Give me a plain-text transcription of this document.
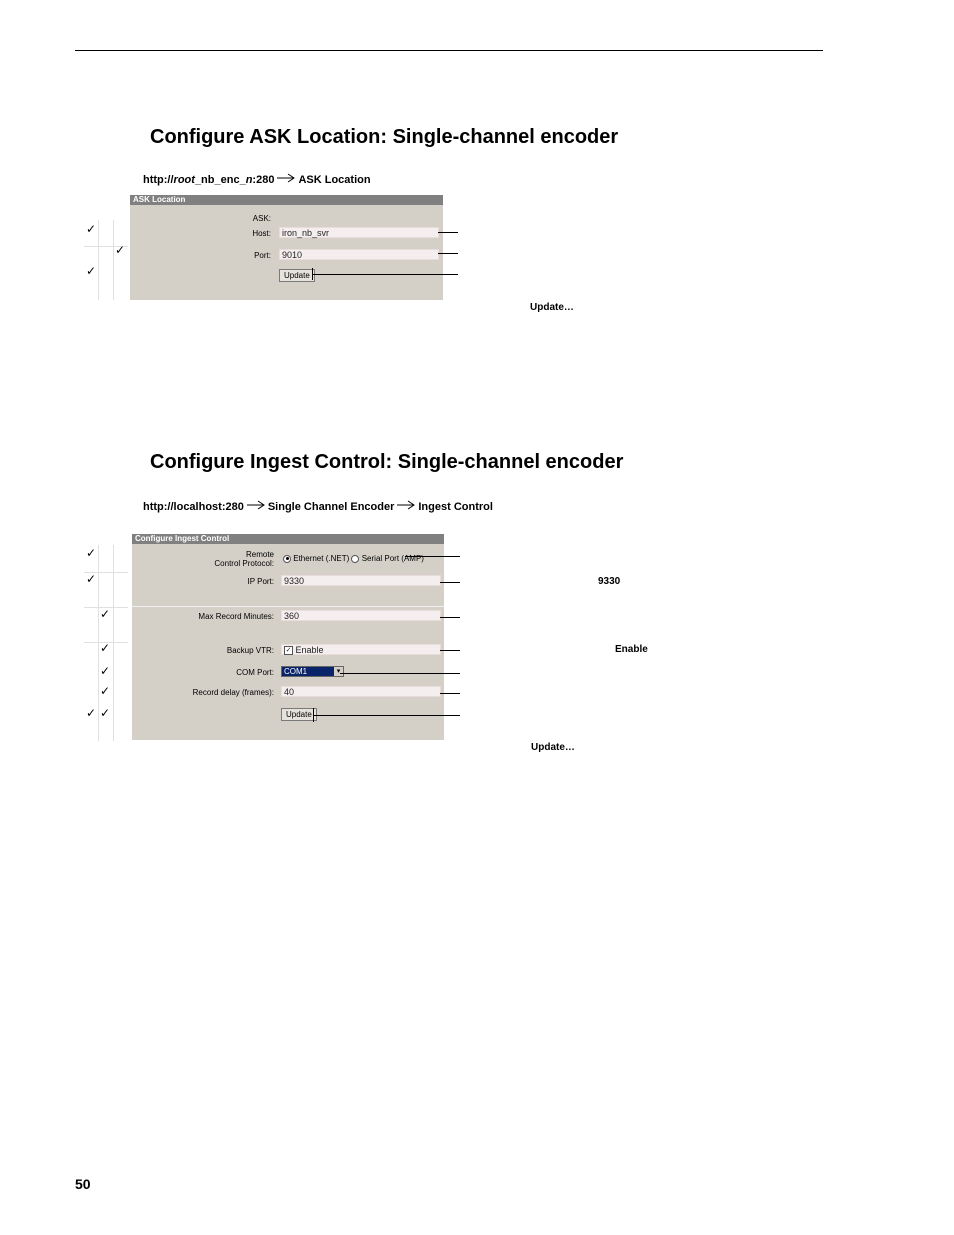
Configure ASK Location: Single-channel encoder
http:// root _nb_enc_ n :280 ASK Location
ASK Location
ASK:
Host:	iron_nb_svr
Port:	9010
Update
✓
✓
✓
Update…
Configure Ingest Control: Single-channel encoder
http://localhost:280 Single Channel Encoder Ingest Control
Configure Ingest Control
Remote
Control Protocol:
Ethernet (.NET) Serial Port (AMP)
IP Port:	9330
Max Record Minutes:	360
Backup VTR:	✓ Enable
COM Port:	COM1	▾
Record delay (frames):	40
Update
✓
✓
✓
✓
✓
✓
✓ ✓
9330
Enable
Update…
50
